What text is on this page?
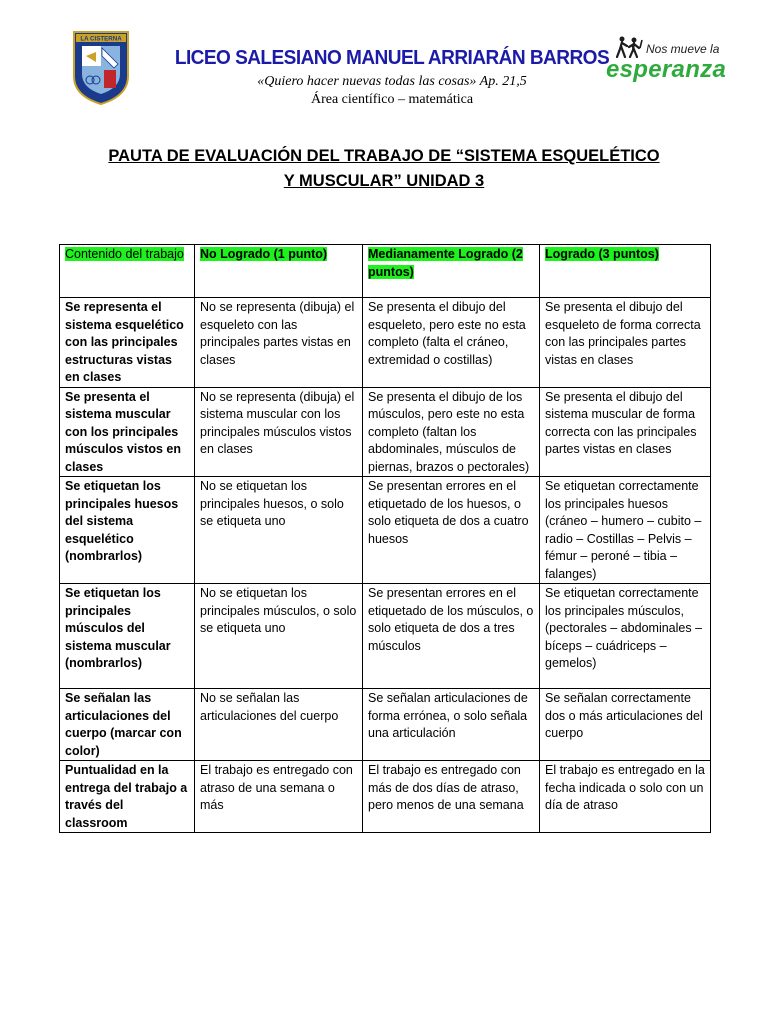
LA CISTERNA
LICEO SALESIANO MANUEL ARRIARÁN BARROS
«Quiero hacer nuevas todas las cosas» Ap. 21,5
Área científico – matemática
Nos mueve la
esperanza
PAUTA DE EVALUACIÓN DEL TRABAJO DE “SISTEMA ESQUELÉTICO
Y MUSCULAR” UNIDAD 3
Contenido del trabajo	No Logrado (1 punto)	Medianamente Logrado (2 puntos)	Logrado (3 puntos)
Se representa el sistema esquelético con las principales estructuras vistas en clases	No se representa (dibuja) el esqueleto con las principales partes vistas en clases	Se presenta el dibujo del esqueleto, pero este no esta completo (falta el cráneo, extremidad o costillas)	Se presenta el dibujo del esqueleto de forma correcta con las principales partes vistas en clases
Se presenta el sistema muscular con los principales músculos vistos en clases	No se representa (dibuja) el sistema muscular con los principales músculos vistos en clases	Se presenta el dibujo de los músculos, pero este no esta completo (faltan los abdominales, músculos de piernas, brazos o pectorales)	Se presenta el dibujo del sistema muscular de forma correcta con las principales partes vistas en clases
Se etiquetan los principales huesos del sistema esquelético (nombrarlos)	No se etiquetan los principales huesos, o solo se etiqueta uno	Se presentan errores en el etiquetado de los huesos, o solo etiqueta de dos a cuatro huesos	Se etiquetan correctamente los principales huesos (cráneo – humero – cubito – radio – Costillas – Pelvis – fémur – peroné – tibia – falanges)
Se etiquetan los principales músculos del sistema muscular (nombrarlos)	No se etiquetan los principales músculos, o solo se etiqueta uno	Se presentan errores en el etiquetado de los músculos, o solo etiqueta de dos a tres músculos	Se etiquetan correctamente los principales músculos, (pectorales – abdominales – bíceps – cuádriceps – gemelos)
Se señalan las articulaciones del cuerpo (marcar con color)	No se señalan las articulaciones del cuerpo	Se señalan articulaciones de forma errónea, o solo señala una articulación	Se señalan correctamente dos o más articulaciones del cuerpo
Puntualidad en la entrega del trabajo a través del classroom	El trabajo es entregado con atraso de una semana o más	El trabajo es entregado con más de dos días de atraso, pero menos de una semana	El trabajo es entregado en la fecha indicada o solo con un día de atraso
